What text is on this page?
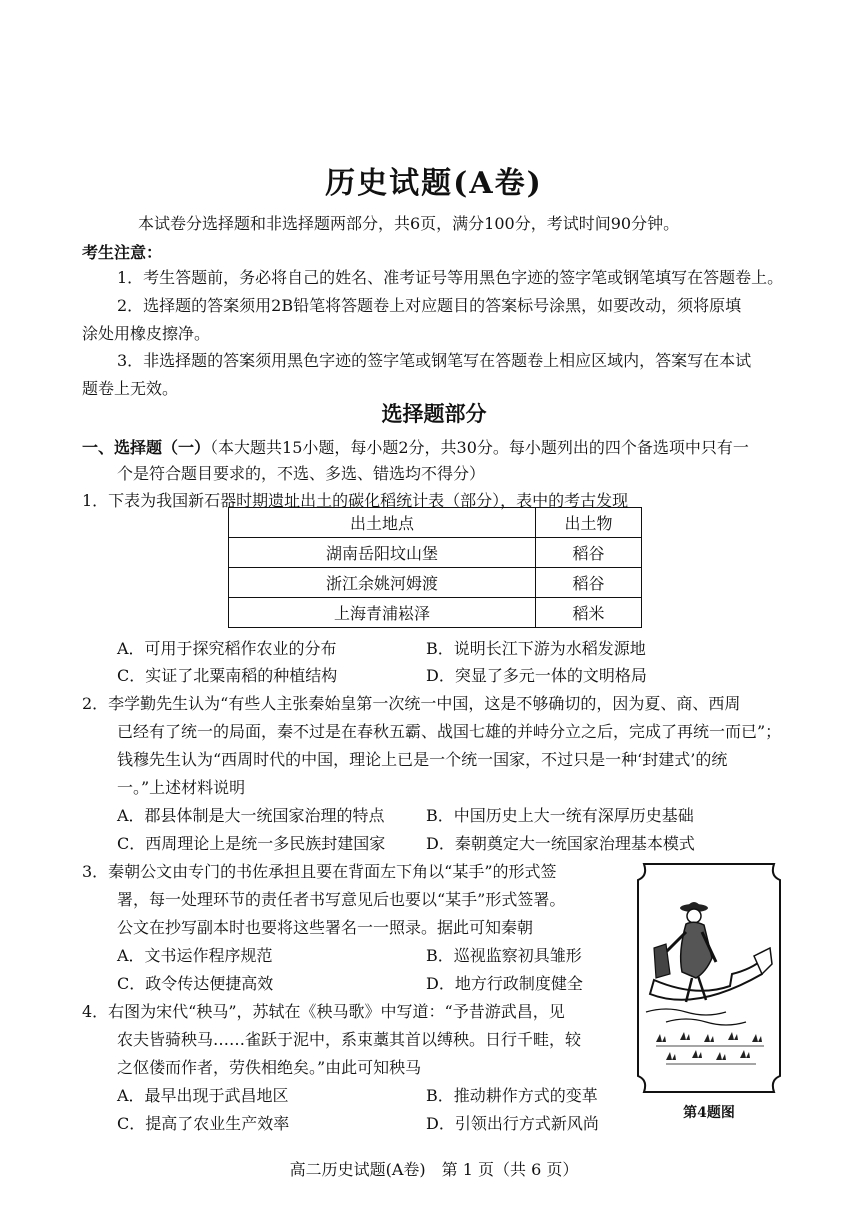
历史试题(A卷)
本试卷分选择题和非选择题两部分，共6页，满分100分，考试时间90分钟。
考生注意：
1．考生答题前，务必将自己的姓名、准考证号等用黑色字迹的签字笔或钢笔填写在答题卷上。
2．选择题的答案须用2B铅笔将答题卷上对应题目的答案标号涂黑，如要改动，须将原填
涂处用橡皮擦净。
3．非选择题的答案须用黑色字迹的签字笔或钢笔写在答题卷上相应区域内，答案写在本试
题卷上无效。
选择题部分
一、选择题（一）（本大题共15小题，每小题2分，共30分。每小题列出的四个备选项中只有一
个是符合题目要求的，不选、多选、错选均不得分）
1．下表为我国新石器时期遗址出土的碳化稻统计表（部分），表中的考古发现
出土地点	出土物
湖南岳阳坟山堡	稻谷
浙江余姚河姆渡	稻谷
上海青浦崧泽	稻米
A．可用于探究稻作农业的分布	B．说明长江下游为水稻发源地
C．实证了北粟南稻的种植结构	D．突显了多元一体的文明格局
2．李学勤先生认为“有些人主张秦始皇第一次统一中国，这是不够确切的，因为夏、商、西周
已经有了统一的局面，秦不过是在春秋五霸、战国七雄的并峙分立之后，完成了再统一而已”；
钱穆先生认为“西周时代的中国，理论上已是一个统一国家，不过只是一种‘封建式’的统
一。”上述材料说明
A．郡县体制是大一统国家治理的特点	B．中国历史上大一统有深厚历史基础
C．西周理论上是统一多民族封建国家	D．秦朝奠定大一统国家治理基本模式
3．秦朝公文由专门的书佐承担且要在背面左下角以“某手”的形式签
署，每一处理环节的责任者书写意见后也要以“某手”形式签署。
公文在抄写副本时也要将这些署名一一照录。据此可知秦朝
A．文书运作程序规范	B．巡视监察初具雏形
C．政令传达便捷高效	D．地方行政制度健全
4．右图为宋代“秧马”，苏轼在《秧马歌》中写道：“予昔游武昌，见
农夫皆骑秧马……雀跃于泥中，系束藁其首以缚秧。日行千畦，较
之伛偻而作者，劳佚相绝矣。”由此可知秧马
A．最早出现于武昌地区	B．推动耕作方式的变革
C．提高了农业生产效率	D．引领出行方式新风尚
第4题图
高二历史试题(A卷)　第 1 页（共 6 页）
